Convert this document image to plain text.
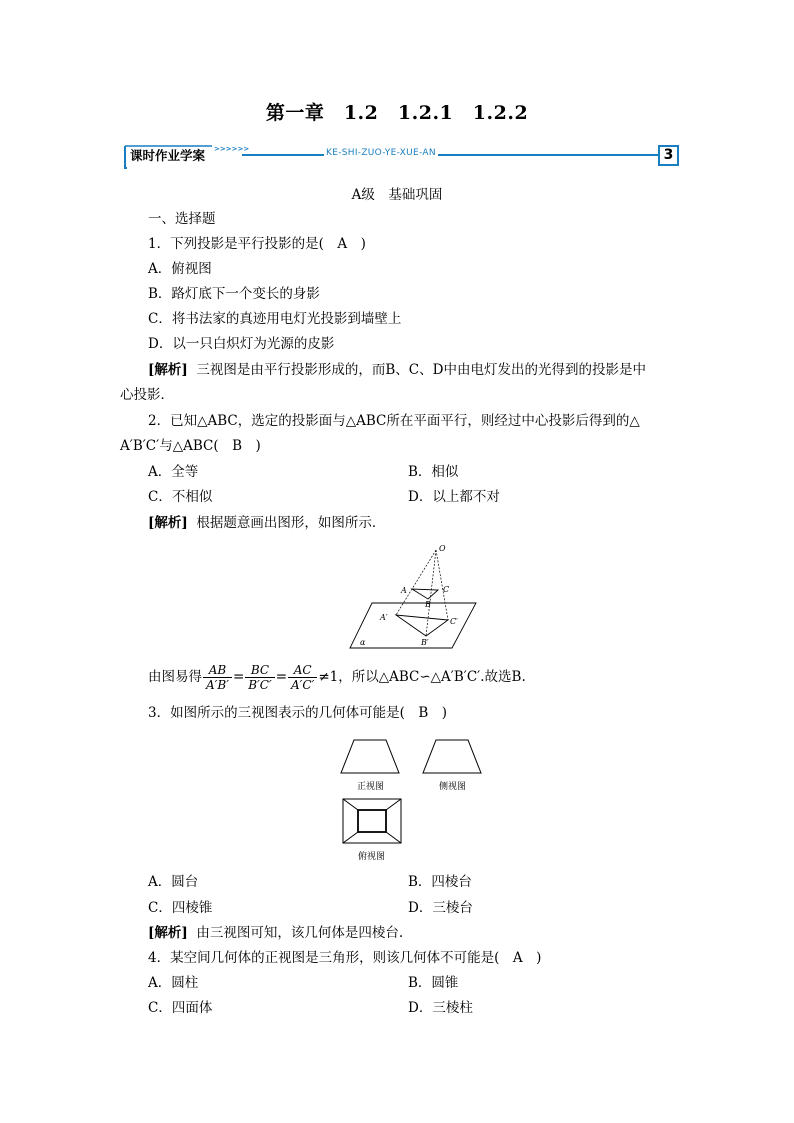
第一章　1.2　1.2.1　1.2.2
课时作业学案 >>>>>>	KE-SHI-ZUO-YE-XUE-AN	3
A级　基础巩固
一、选择题
1．下列投影是平行投影的是(　A　)
A．俯视图
B．路灯底下一个变长的身影
C．将书法家的真迹用电灯光投影到墙壁上
D．以一只白炽灯为光源的皮影
[解析] 三视图是由平行投影形成的，而B、C、D中由电灯发出的光得到的投影是中
心投影．
2．已知△ABC，选定的投影面与△ABC所在平面平行，则经过中心投影后得到的△
A′B′C′与△ABC(　B　)
A．全等	B．相似
C．不相似	D．以上都不对
[解析] 根据题意画出图形，如图所示．
O
A
B
C
A′
B′
C′
α
由图易得 $\frac{AB}{A'B'} = \frac{BC}{B'C'} = \frac{AC}{A'C'} \ne 1$，所以△ABC∽△A′B′C′.故选B.
3．如图所示的三视图表示的几何体可能是(　B　)
正视图	侧视图
俯视图
A．圆台	B．四棱台
C．四棱锥	D．三棱台
[解析] 由三视图可知，该几何体是四棱台.
4．某空间几何体的正视图是三角形，则该几何体不可能是(　A　)
A．圆柱	B．圆锥
C．四面体	D．三棱柱
